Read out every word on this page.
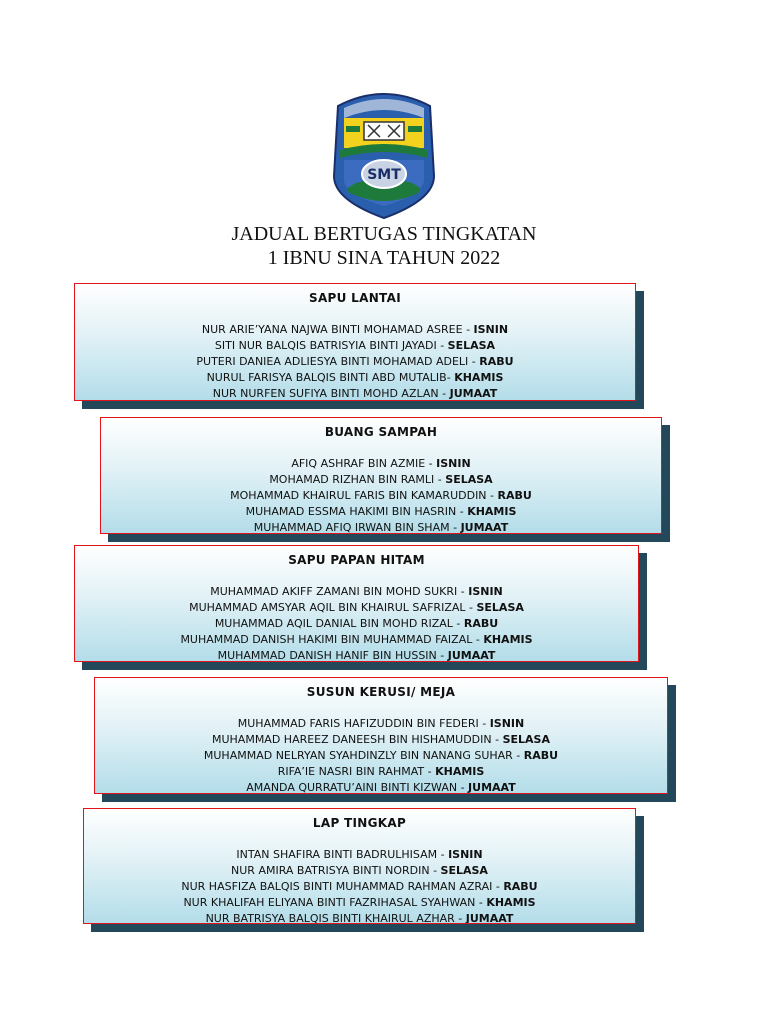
SMT
JADUAL BERTUGAS TINGKATAN
1 IBNU SINA TAHUN 2022
SAPU LANTAI
NUR ARIE’YANA NAJWA BINTI MOHAMAD ASREE - ISNIN
SITI NUR BALQIS BATRISYIA BINTI JAYADI - SELASA
PUTERI DANIEA ADLIESYA BINTI MOHAMAD ADELI - RABU
NURUL FARISYA BALQIS BINTI ABD MUTALIB- KHAMIS
NUR NURFEN SUFIYA BINTI MOHD AZLAN - JUMAAT
BUANG SAMPAH
AFIQ ASHRAF BIN AZMIE - ISNIN
MOHAMAD RIZHAN BIN RAMLI - SELASA
MOHAMMAD KHAIRUL FARIS BIN KAMARUDDIN - RABU
MUHAMAD ESSMA HAKIMI BIN HASRIN - KHAMIS
MUHAMMAD AFIQ IRWAN BIN SHAM - JUMAAT
SAPU PAPAN HITAM
MUHAMMAD AKIFF ZAMANI BIN MOHD SUKRI - ISNIN
MUHAMMAD AMSYAR AQIL BIN KHAIRUL SAFRIZAL - SELASA
MUHAMMAD AQIL DANIAL BIN MOHD RIZAL - RABU
MUHAMMAD DANISH HAKIMI BIN MUHAMMAD FAIZAL - KHAMIS
MUHAMMAD DANISH HANIF BIN HUSSIN - JUMAAT
SUSUN KERUSI/ MEJA
MUHAMMAD FARIS HAFIZUDDIN BIN FEDERI - ISNIN
MUHAMMAD HAREEZ DANEESH BIN HISHAMUDDIN - SELASA
MUHAMMAD NELRYAN SYAHDINZLY BIN NANANG SUHAR - RABU
RIFA’IE NASRI BIN RAHMAT - KHAMIS
AMANDA QURRATU’AINI BINTI KIZWAN - JUMAAT
LAP TINGKAP
INTAN SHAFIRA BINTI BADRULHISAM - ISNIN
NUR AMIRA BATRISYA BINTI NORDIN - SELASA
NUR HASFIZA BALQIS BINTI MUHAMMAD RAHMAN AZRAI - RABU
NUR KHALIFAH ELIYANA BINTI FAZRIHASAL SYAHWAN - KHAMIS
NUR BATRISYA BALQIS BINTI KHAIRUL AZHAR - JUMAAT
